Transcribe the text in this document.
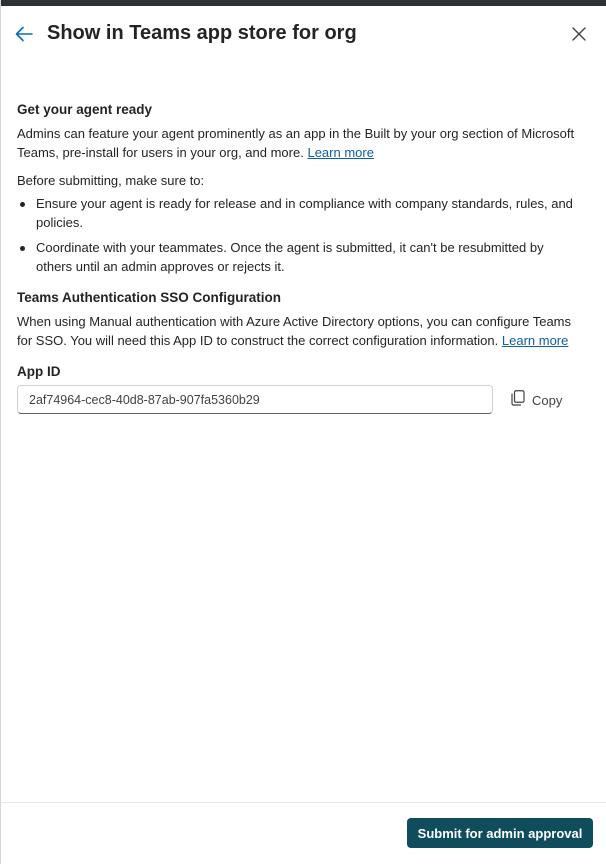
Show in Teams app store for org

Get your agent ready

Admins can feature your agent prominently as an app in the Built by your org section of Microsoft Teams, pre-install for users in your org, and more. Learn more

Before submitting, make sure to:

Ensure your agent is ready for release and in compliance with company standards, rules, and policies.
Coordinate with your teammates. Once the agent is submitted, it can't be resubmitted by others until an admin approves or rejects it.

Teams Authentication SSO Configuration

When using Manual authentication with Azure Active Directory options, you can configure Teams for SSO. You will need this App ID to construct the correct configuration information. Learn more

App ID
2af74964-cec8-40d8-87ab-907fa5360b29
Copy
Submit for admin approval
